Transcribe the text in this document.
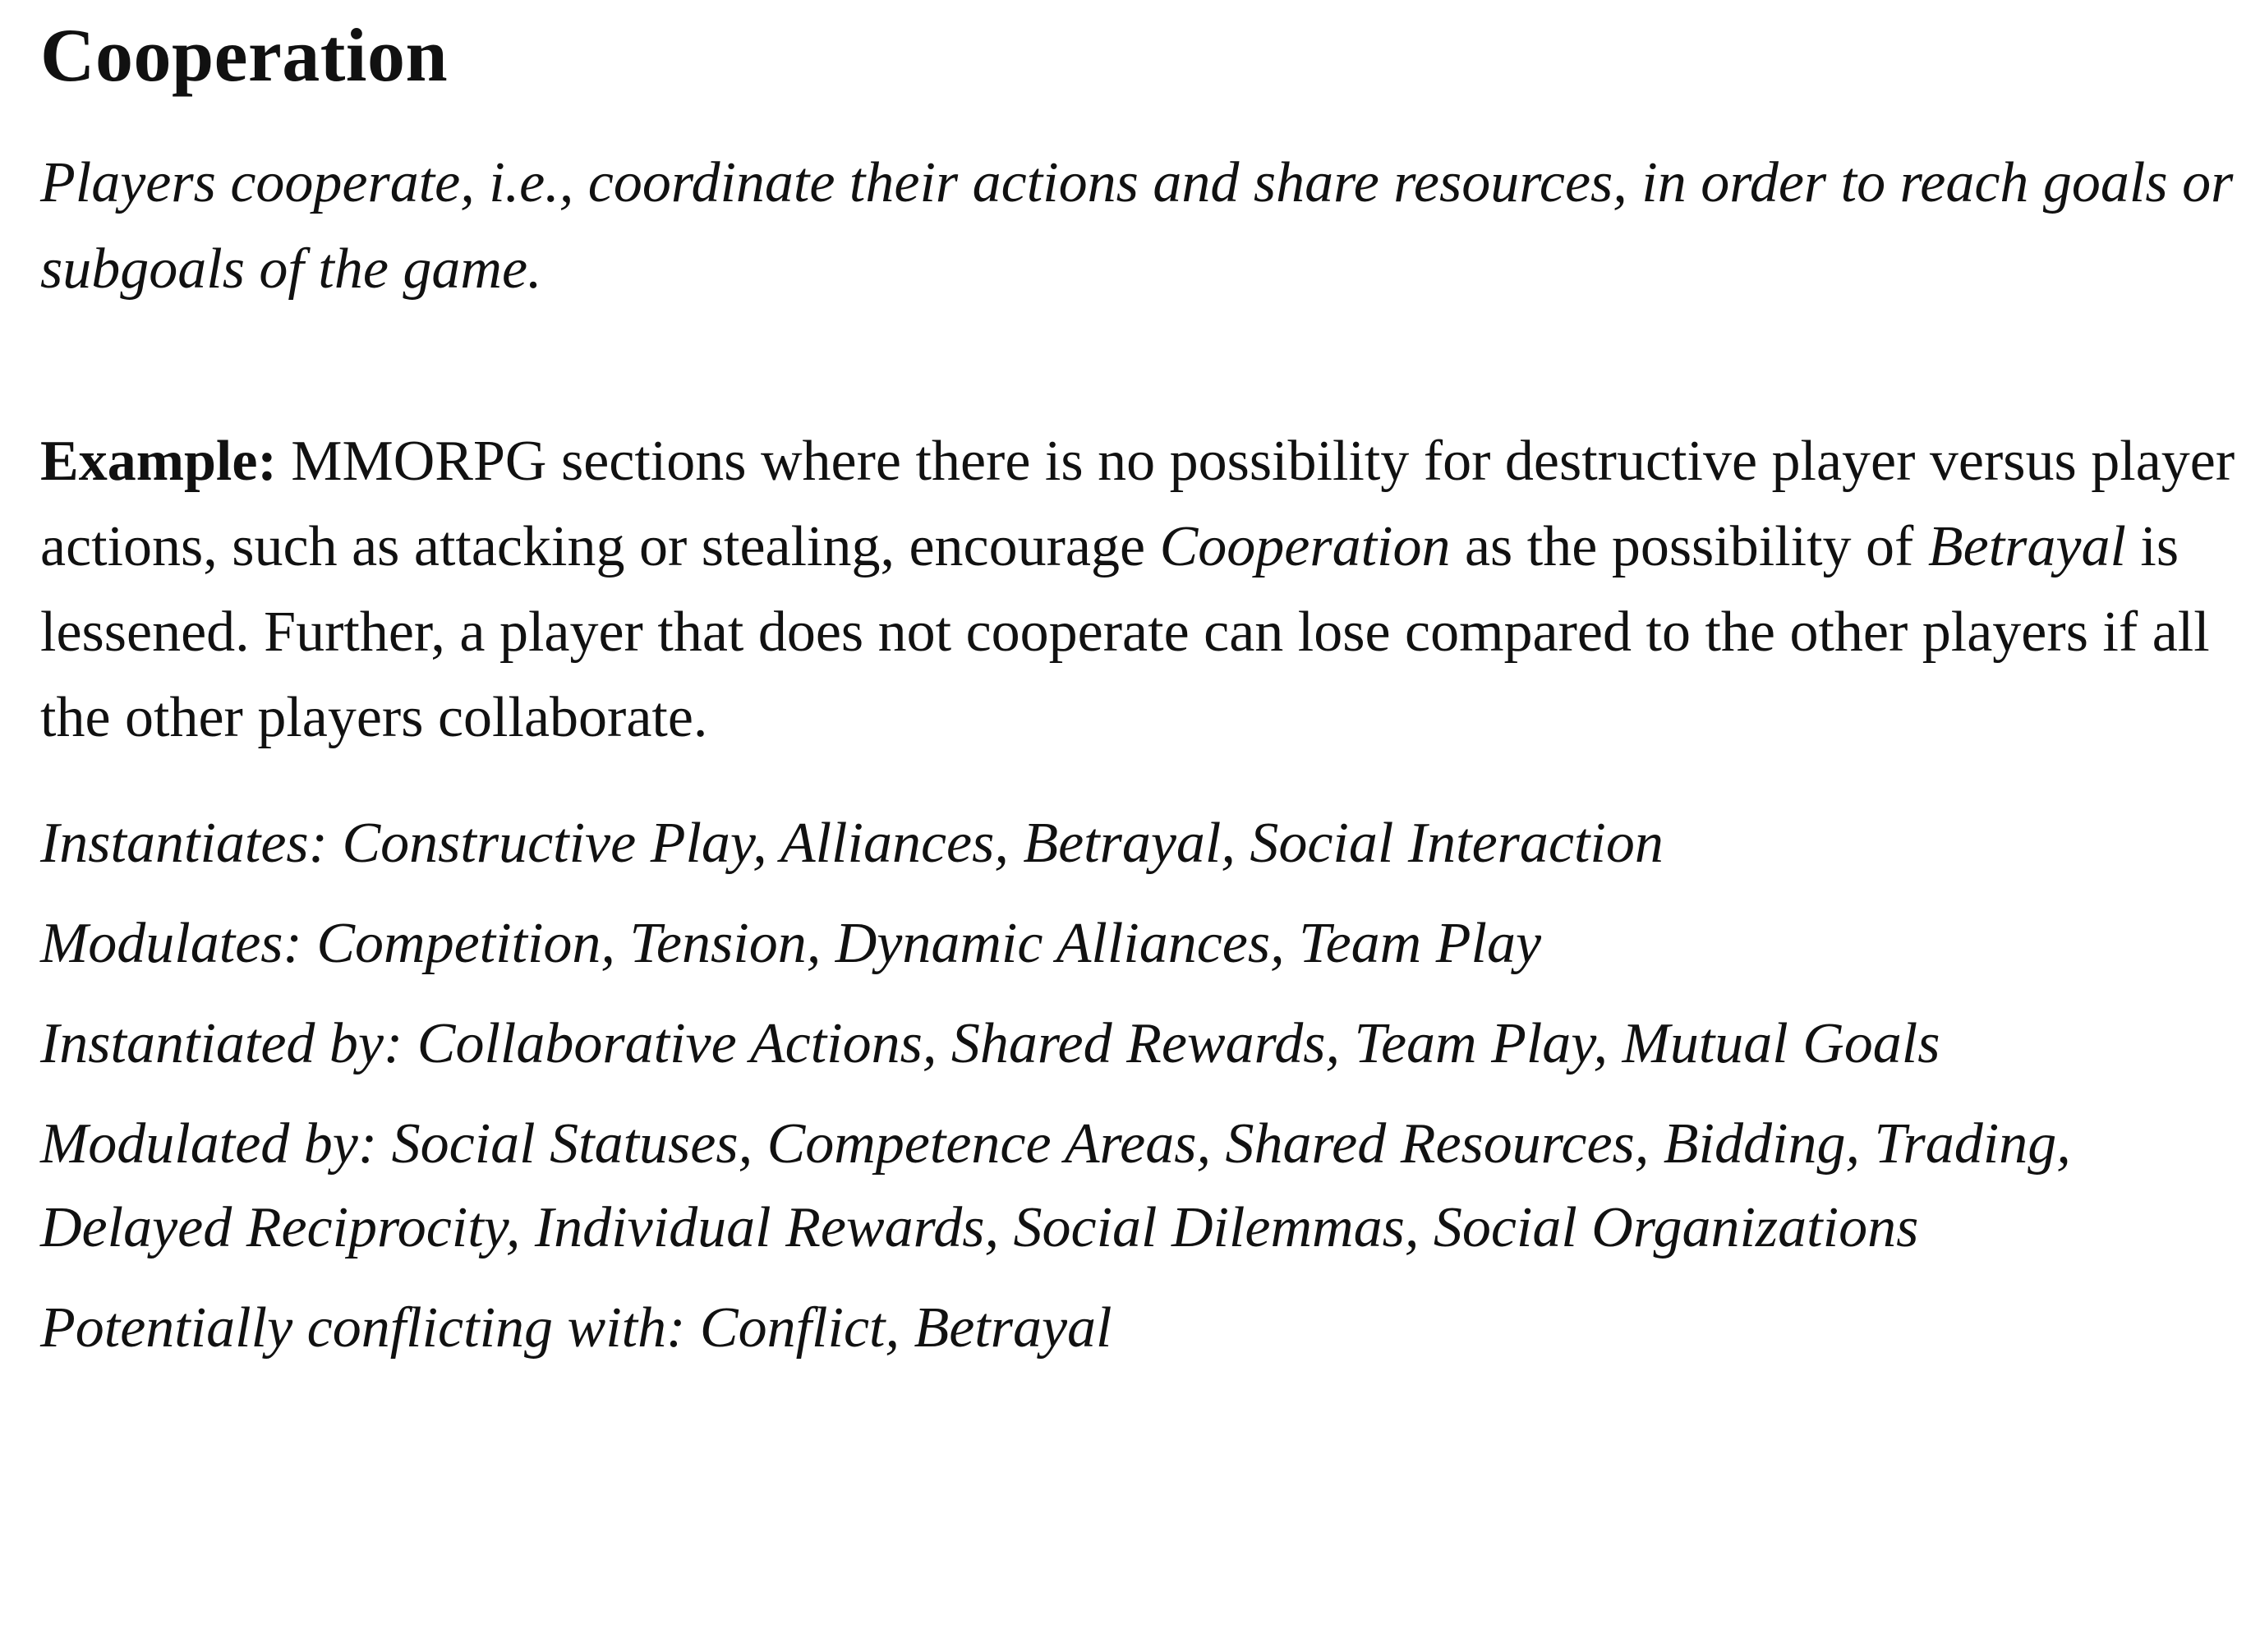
Cooperation

Players cooperate, i.e., coordinate their actions and share resources, in order to reach goals or subgoals of the game.

Example: MMORPG sections where there is no possibility for destructive player versus player actions, such as attacking or stealing, encourage Cooperation as the possibility of Betrayal is lessened. Further, a player that does not cooperate can lose compared to the other players if all the other players collaborate.

Instantiates: Constructive Play, Alliances, Betrayal, Social Interaction

Modulates: Competition, Tension, Dynamic Alliances, Team Play

Instantiated by: Collaborative Actions, Shared Rewards, Team Play, Mutual Goals

Modulated by: Social Statuses, Competence Areas, Shared Resources, Bidding, Trading, Delayed Reciprocity, Individual Rewards, Social Dilemmas, Social Organizations

Potentially conflicting with: Conflict, Betrayal
